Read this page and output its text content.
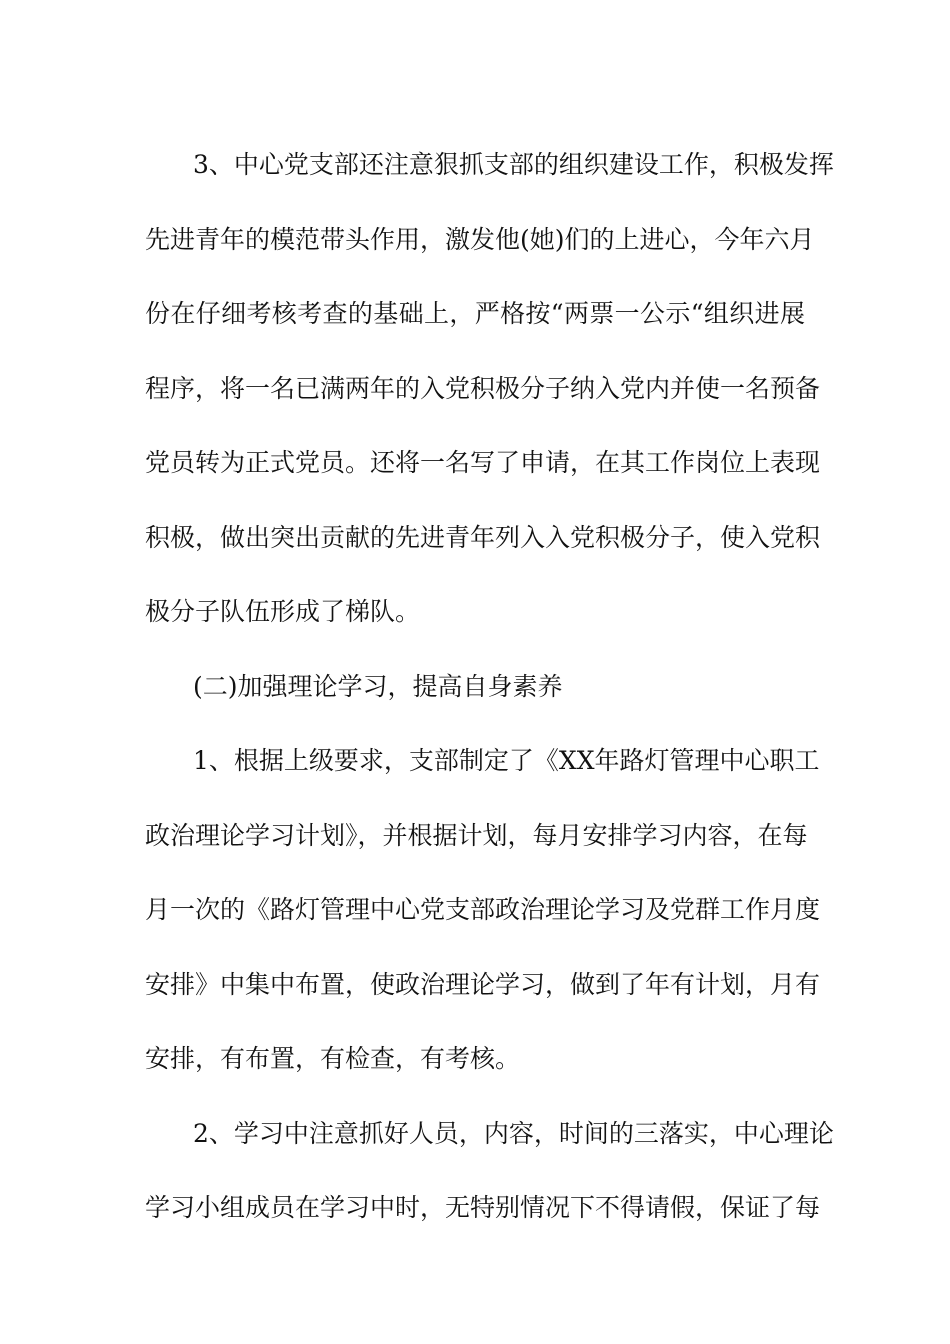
3、中心党支部还注意狠抓支部的组织建设工作，积极发挥
先进青年的模范带头作用，激发他(她)们的上进心，今年六月
份在仔细考核考查的基础上，严格按“两票一公示“组织进展
程序，将一名已满两年的入党积极分子纳入党内并使一名预备
党员转为正式党员。还将一名写了申请，在其工作岗位上表现
积极，做出突出贡献的先进青年列入入党积极分子，使入党积
极分子队伍形成了梯队。
(二)加强理论学习，提高自身素养
1、根据上级要求，支部制定了《XX年路灯管理中心职工
政治理论学习计划》，并根据计划，每月安排学习内容，在每
月一次的《路灯管理中心党支部政治理论学习及党群工作月度
安排》中集中布置，使政治理论学习，做到了年有计划，月有
安排，有布置，有检查，有考核。
2、学习中注意抓好人员，内容，时间的三落实，中心理论
学习小组成员在学习中时，无特别情况下不得请假，保证了每
